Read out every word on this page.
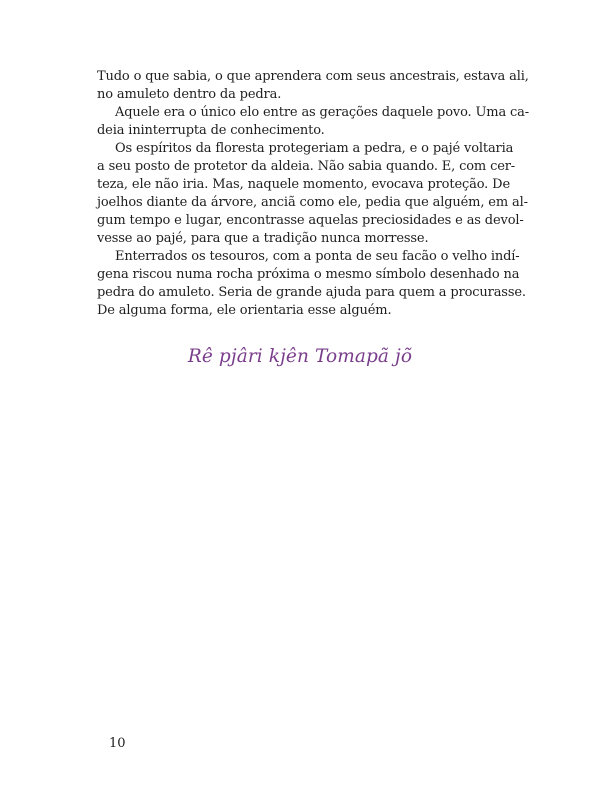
Tudo o que sabia, o que aprendera com seus ancestrais, estava ali,
no amuleto dentro da pedra.
Aquele era o único elo entre as gerações daquele povo. Uma ca-
deia ininterrupta de conhecimento.
Os espíritos da floresta protegeriam a pedra, e o pajé voltaria
a seu posto de protetor da aldeia. Não sabia quando. E, com cer-
teza, ele não iria. Mas, naquele momento, evocava proteção. De
joelhos diante da árvore, anciã como ele, pedia que alguém, em al-
gum tempo e lugar, encontrasse aquelas preciosidades e as devol-
vesse ao pajé, para que a tradição nunca morresse.
Enterrados os tesouros, com a ponta de seu facão o velho indí-
gena riscou numa rocha próxima o mesmo símbolo desenhado na
pedra do amuleto. Seria de grande ajuda para quem a procurasse.
De alguma forma, ele orientaria esse alguém.
Rê pjâri kjên Tomapã jõ
10
